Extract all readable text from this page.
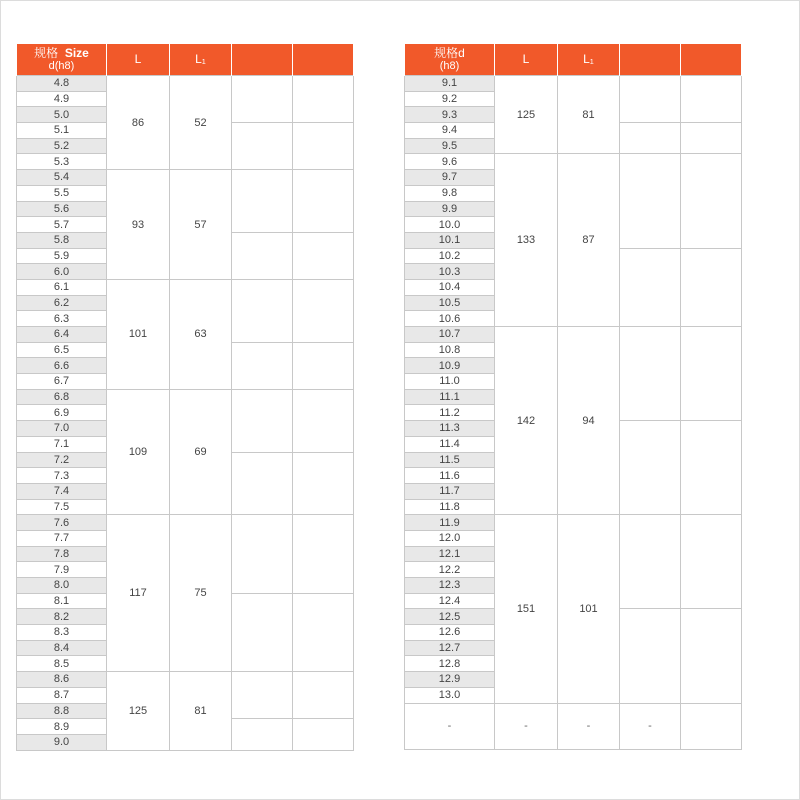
规格 Size
d(h8)	L	L₁		
4.8	86	52		
4.9				
5.0				
5.1				
5.2				
5.3				
5.4	93	57		
5.5				
5.6				
5.7				
5.8				
5.9				
6.0				
6.1	101	63		
6.2				
6.3				
6.4				
6.5				
6.6				
6.7				
6.8	109	69		
6.9				
7.0				
7.1				
7.2				
7.3				
7.4				
7.5				
7.6	117	75		
7.7				
7.8				
7.9				
8.0				
8.1				
8.2				
8.3				
8.4				
8.5				
8.6	125	81		
8.7				
8.8				
8.9				
9.0				
规格d
(h8)	L	L₁		
9.1	125	81		
9.2				
9.3				
9.4				
9.5				
9.6	133	87		
9.7				
9.8				
9.9				
10.0				
10.1				
10.2				
10.3				
10.4				
10.5				
10.6				
10.7	142	94		
10.8				
10.9				
11.0				
11.1				
11.2				
11.3				
11.4				
11.5				
11.6				
11.7				
11.8				
11.9	151	101		
12.0				
12.1				
12.2				
12.3				
12.4				
12.5				
12.6				
12.7				
12.8				
12.9				
13.0				
-	-	-	-	
